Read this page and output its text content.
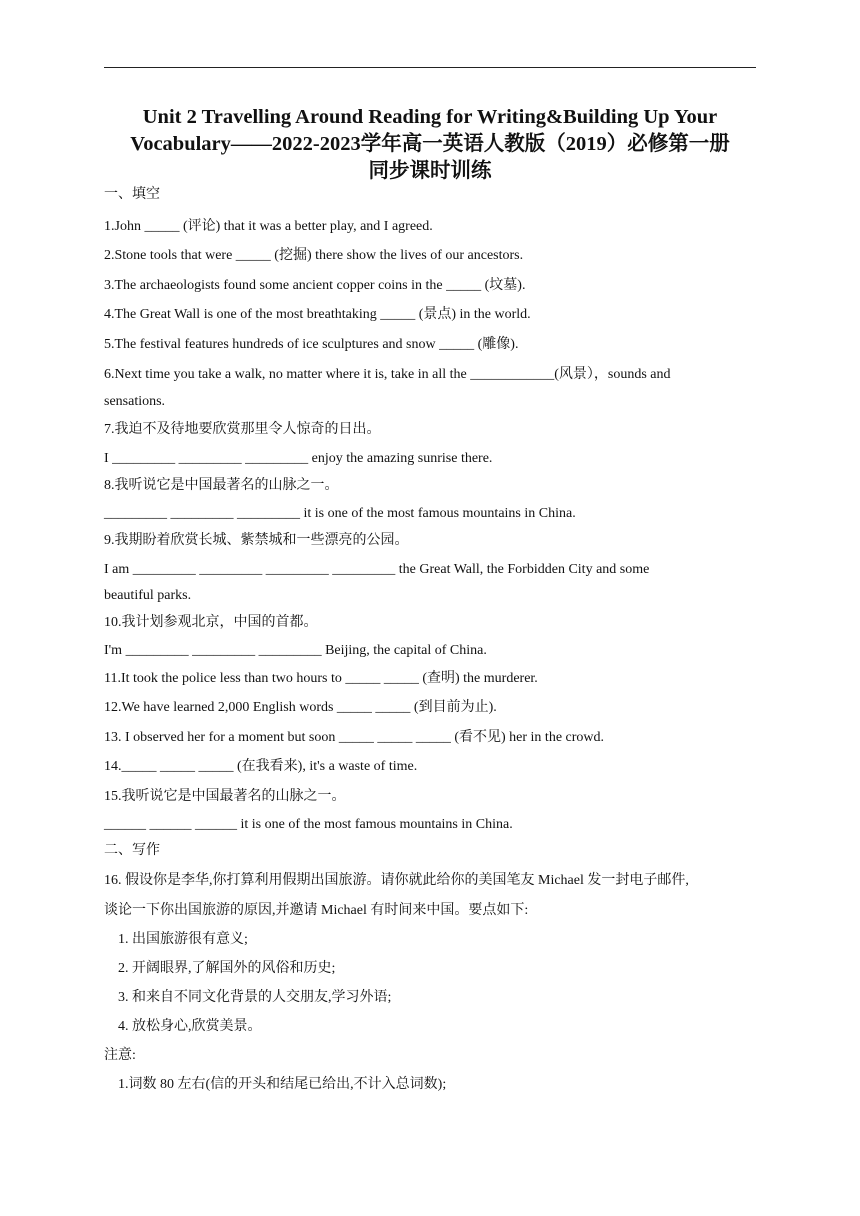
Unit 2 Travelling Around Reading for Writing&Building Up Your
Vocabulary——2022-2023学年高一英语人教版（2019）必修第一册
同步课时训练
一、填空
1.John _____ (评论) that it was a better play, and I agreed.
2.Stone tools that were _____ (挖掘) there show the lives of our ancestors.
3.The archaeologists found some ancient copper coins in the _____ (坟墓).
4.The Great Wall is one of the most breathtaking _____ (景点) in the world.
5.The festival features hundreds of ice sculptures and snow _____ (雕像).
6.Next time you take a walk, no matter where it is, take in all the ____________(风景），sounds and
sensations.
7.我迫不及待地要欣赏那里令人惊奇的日出。
I _________ _________ _________ enjoy the amazing sunrise there.
8.我听说它是中国最著名的山脉之一。
_________ _________ _________ it is one of the most famous mountains in China.
9.我期盼着欣赏长城、紫禁城和一些漂亮的公园。
I am _________ _________ _________ _________ the Great Wall, the Forbidden City and some
beautiful parks.
10.我计划参观北京，中国的首都。
I'm _________ _________ _________ Beijing, the capital of China.
11.It took the police less than two hours to _____ _____ (查明) the murderer.
12.We have learned 2,000 English words _____ _____ (到目前为止).
13. I observed her for a moment but soon _____ _____ _____ (看不见) her in the crowd.
14._____ _____ _____ (在我看来), it's a waste of time.
15.我听说它是中国最著名的山脉之一。
______ ______ ______ it is one of the most famous mountains in China.
二、写作
16. 假设你是李华,你打算利用假期出国旅游。请你就此给你的美国笔友 Michael 发一封电子邮件,
谈论一下你出国旅游的原因,并邀请 Michael 有时间来中国。要点如下:
1. 出国旅游很有意义;
2. 开阔眼界,了解国外的风俗和历史;
3. 和来自不同文化背景的人交朋友,学习外语;
4. 放松身心,欣赏美景。
注意:
1.词数 80 左右(信的开头和结尾已给出,不计入总词数);
